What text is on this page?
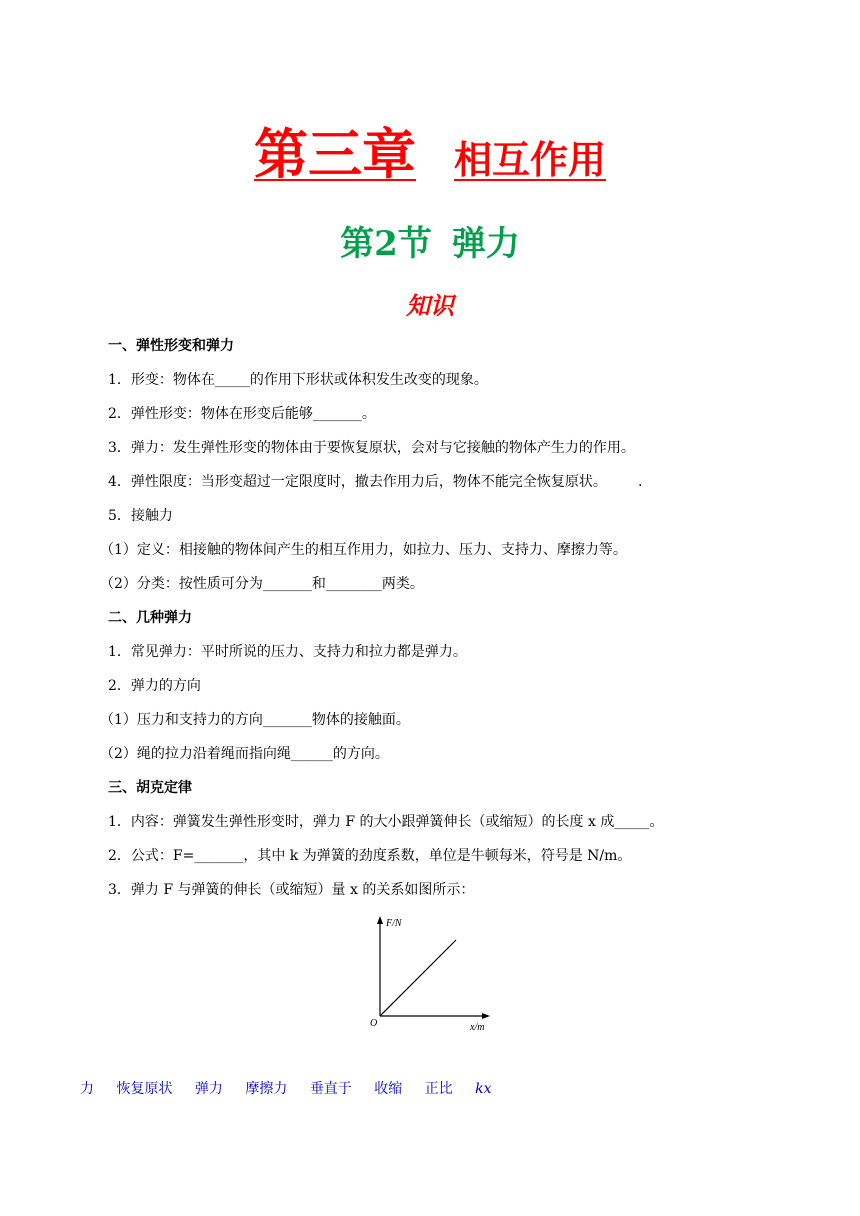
第三章 相互作用
第2节 弹力
知识
一、弹性形变和弹力
1．形变：物体在_____的作用下形状或体积发生改变的现象。
2．弹性形变：物体在形变后能够_______。
3．弹力：发生弹性形变的物体由于要恢复原状，会对与它接触的物体产生力的作用。
4．弹性限度：当形变超过一定限度时，撤去作用力后，物体不能完全恢复原状。       .
5．接触力
（1）定义：相接触的物体间产生的相互作用力，如拉力、压力、支持力、摩擦力等。
（2）分类：按性质可分为_______和________两类。
二、几种弹力
1．常见弹力：平时所说的压力、支持力和拉力都是弹力。
2．弹力的方向
（1）压力和支持力的方向_______物体的接触面。
（2）绳的拉力沿着绳而指向绳______的方向。
三、胡克定律
1．内容：弹簧发生弹性形变时，弹力 F 的大小跟弹簧伸长（或缩短）的长度 x 成_____。
2．公式：F=_______，其中 k 为弹簧的劲度系数，单位是牛顿每米，符号是 N/m。
3．弹力 F 与弹簧的伸长（或缩短）量 x 的关系如图所示：
F/N
O	x/m
力 恢复原状 弹力 摩擦力 垂直于 收缩 正比 kx
